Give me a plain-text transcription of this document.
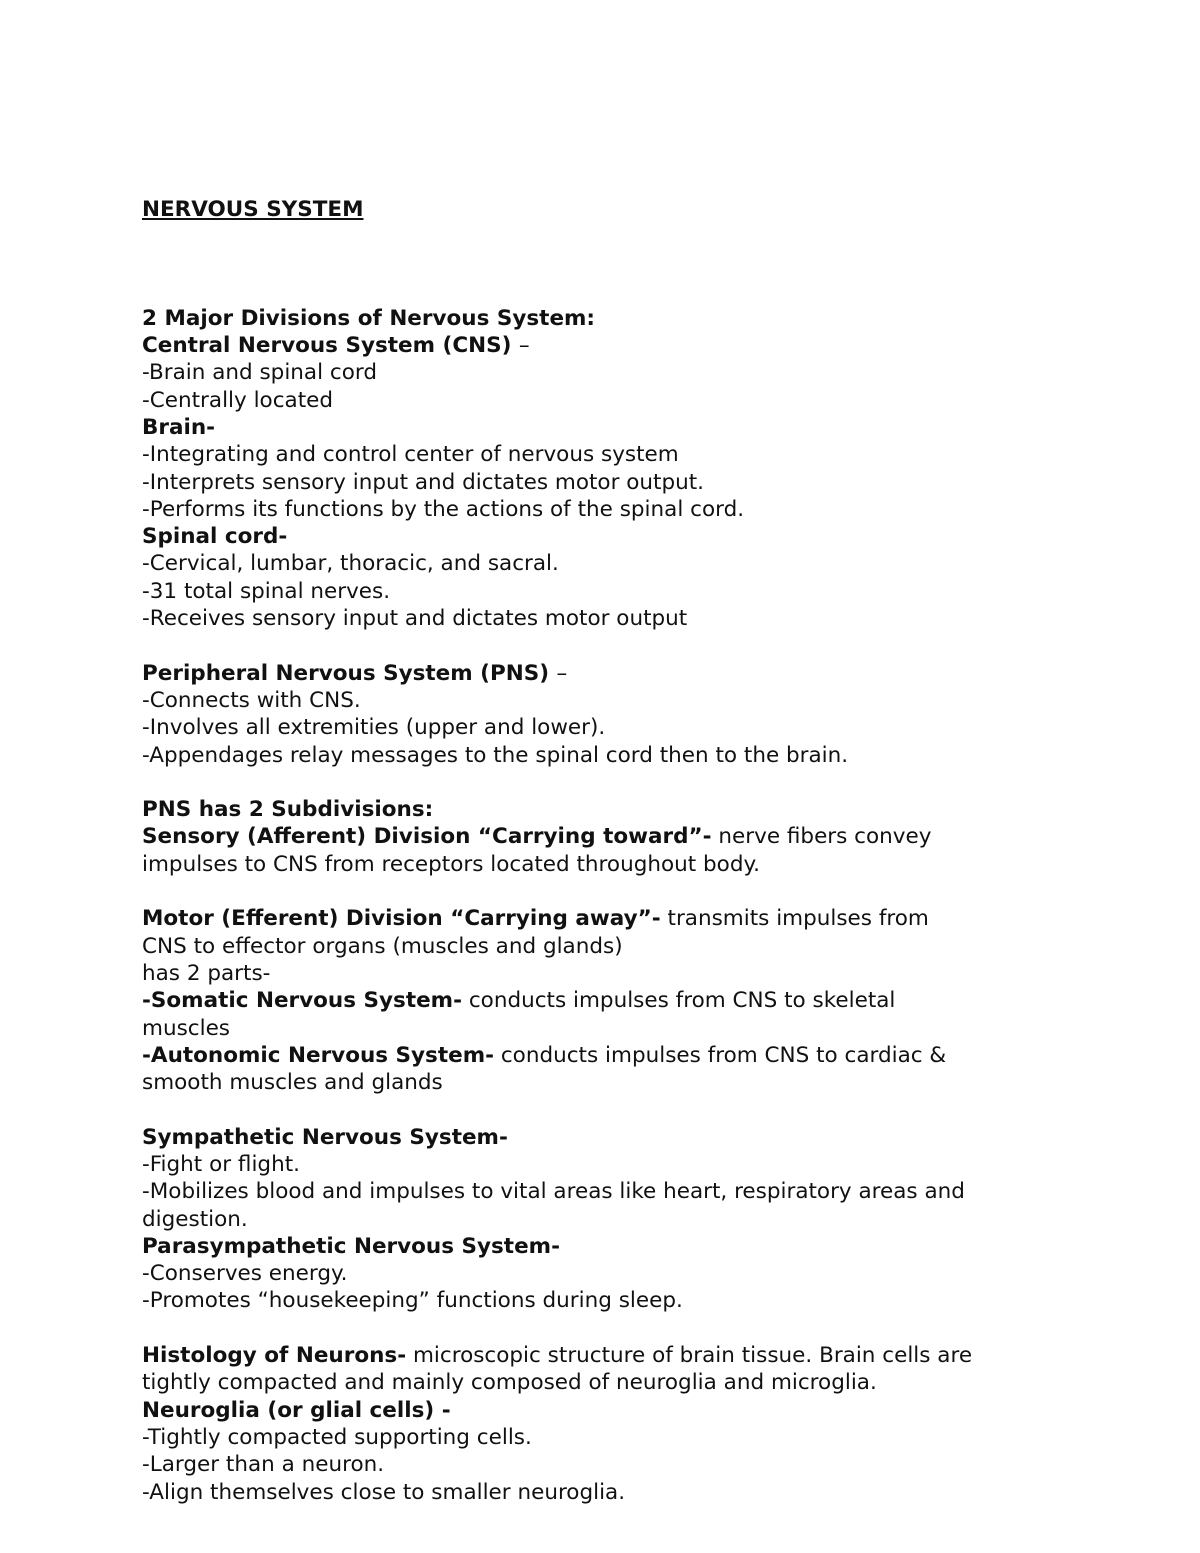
NERVOUS SYSTEM

2 Major Divisions of Nervous System:
Central Nervous System (CNS) –
-Brain and spinal cord
-Centrally located
Brain-
-Integrating and control center of nervous system
-Interprets sensory input and dictates motor output.
-Performs its functions by the actions of the spinal cord.
Spinal cord-
-Cervical, lumbar, thoracic, and sacral.
-31 total spinal nerves.
-Receives sensory input and dictates motor output
Peripheral Nervous System (PNS) –
-Connects with CNS.
-Involves all extremities (upper and lower).
-Appendages relay messages to the spinal cord then to the brain.
PNS has 2 Subdivisions:
Sensory (Afferent) Division “Carrying toward”- nerve fibers convey
impulses to CNS from receptors located throughout body.
Motor (Efferent) Division “Carrying away”- transmits impulses from
CNS to effector organs (muscles and glands)
has 2 parts-
-Somatic Nervous System- conducts impulses from CNS to skeletal
muscles
-Autonomic Nervous System- conducts impulses from CNS to cardiac &
smooth muscles and glands
Sympathetic Nervous System-
-Fight or flight.
-Mobilizes blood and impulses to vital areas like heart, respiratory areas and
digestion.
Parasympathetic Nervous System-
-Conserves energy.
-Promotes “housekeeping” functions during sleep.
Histology of Neurons- microscopic structure of brain tissue. Brain cells are
tightly compacted and mainly composed of neuroglia and microglia.
Neuroglia (or glial cells) -
-Tightly compacted supporting cells.
-Larger than a neuron.
-Align themselves close to smaller neuroglia.
